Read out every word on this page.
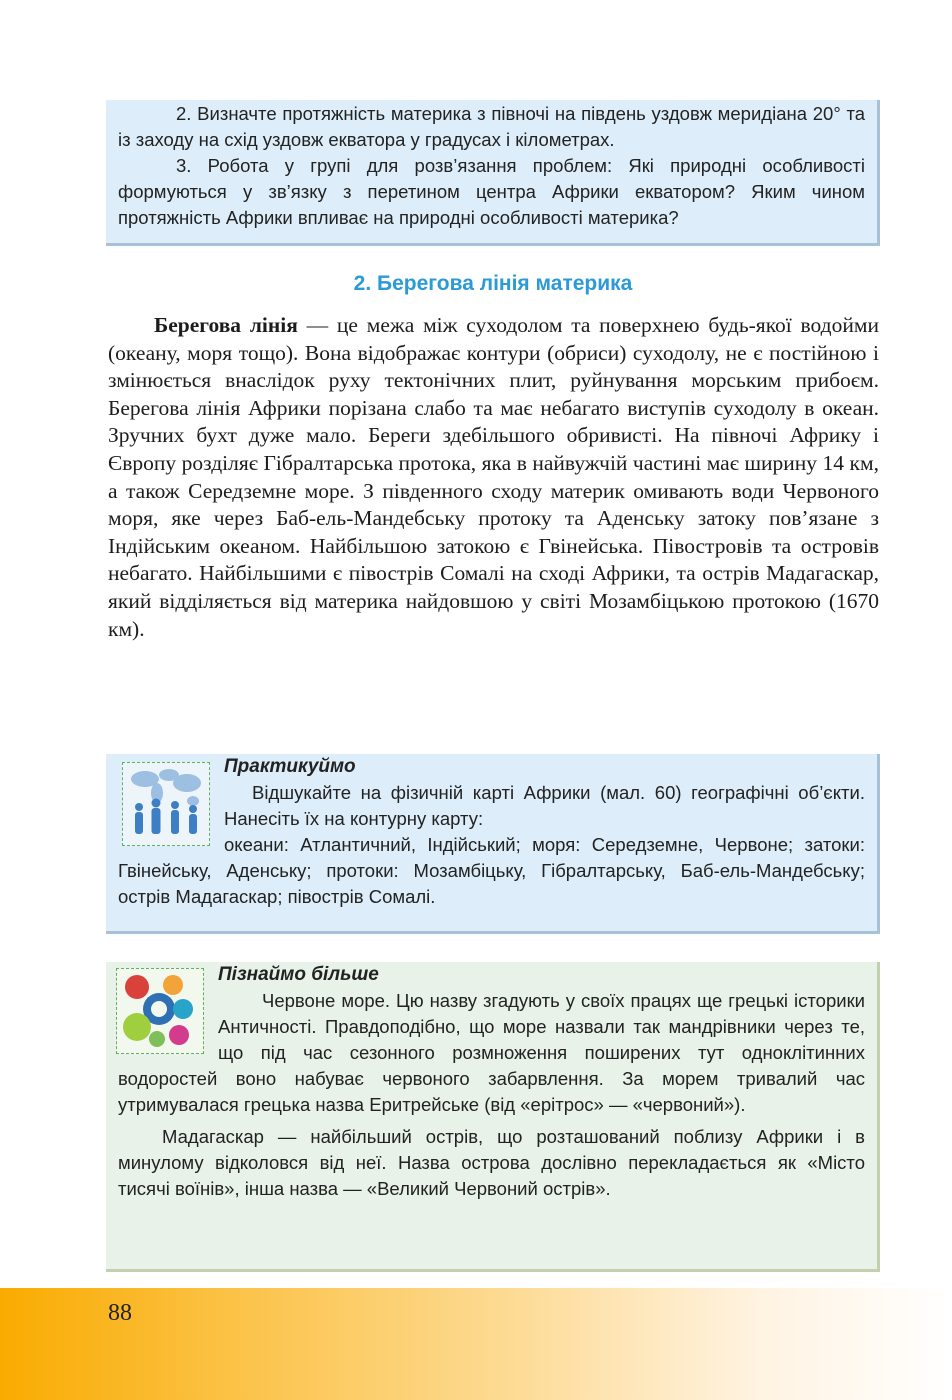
2. Визначте протяжність материка з півночі на південь уздовж меридіана 20° та із заходу на схід уздовж екватора у градусах і кілометрах.

3. Робота у групі для розв’язання проблем: Які природні особливості формуються у зв’язку з перетином центра Африки екватором? Яким чином протяжність Африки впливає на природні особливості материка?

2. Берегова лінія материка

Берегова лінія — це межа між суходолом та поверхнею будь-якої водойми (океану, моря тощо). Вона відображає контури (обриси) суходолу, не є постійною і змінюється внаслідок руху тектонічних плит, руйнування морським прибоєм. Берегова лінія Африки порізана слабо та має небагато виступів суходолу в океан. Зручних бухт дуже мало. Береги здебільшого обривисті. На півночі Африку і Європу розділяє Гібралтарська протока, яка в найвужчій частині має ширину 14 км, а також Середземне море. З південного сходу материк омивають води Червоного моря, яке через Баб-ель-Мандебську протоку та Аденську затоку пов’язане з Індійським океаном. Найбільшою затокою є Гвінейська. Півостровів та островів небагато. Найбільшими є півострів Сомалі на сході Африки, та острів Мадагаскар, який відділяється від материка найдовшою у світі Мозамбіцькою протокою (1670 км).

Практикуймо

Відшукайте на фізичній карті Африки (мал. 60) географічні об’єкти. Нанесіть їх на контурну карту:

океани: Атлантичний, Індійський; моря: Середземне, Червоне; затоки: Гвінейську, Аденську; протоки: Мозамбіцьку, Гібралтарську, Баб-ель-Мандебську; острів Мадагаскар; півострів Сомалі.

Пізнаймо більше

Червоне море. Цю назву згадують у своїх працях ще грецькі історики Античності. Правдоподібно, що море назвали так мандрівники через те, що під час сезонного розмноження поширених тут одноклітинних водоростей воно набуває червоного забарвлення. За морем тривалий час утримувалася грецька назва Еритрейське (від «ерітрос» — «червоний»).

Мадагаскар — найбільший острів, що розташований поблизу Африки і в минулому відколовся від неї. Назва острова дослівно перекладається як «Місто тисячі воїнів», інша назва — «Великий Червоний острів».

88
